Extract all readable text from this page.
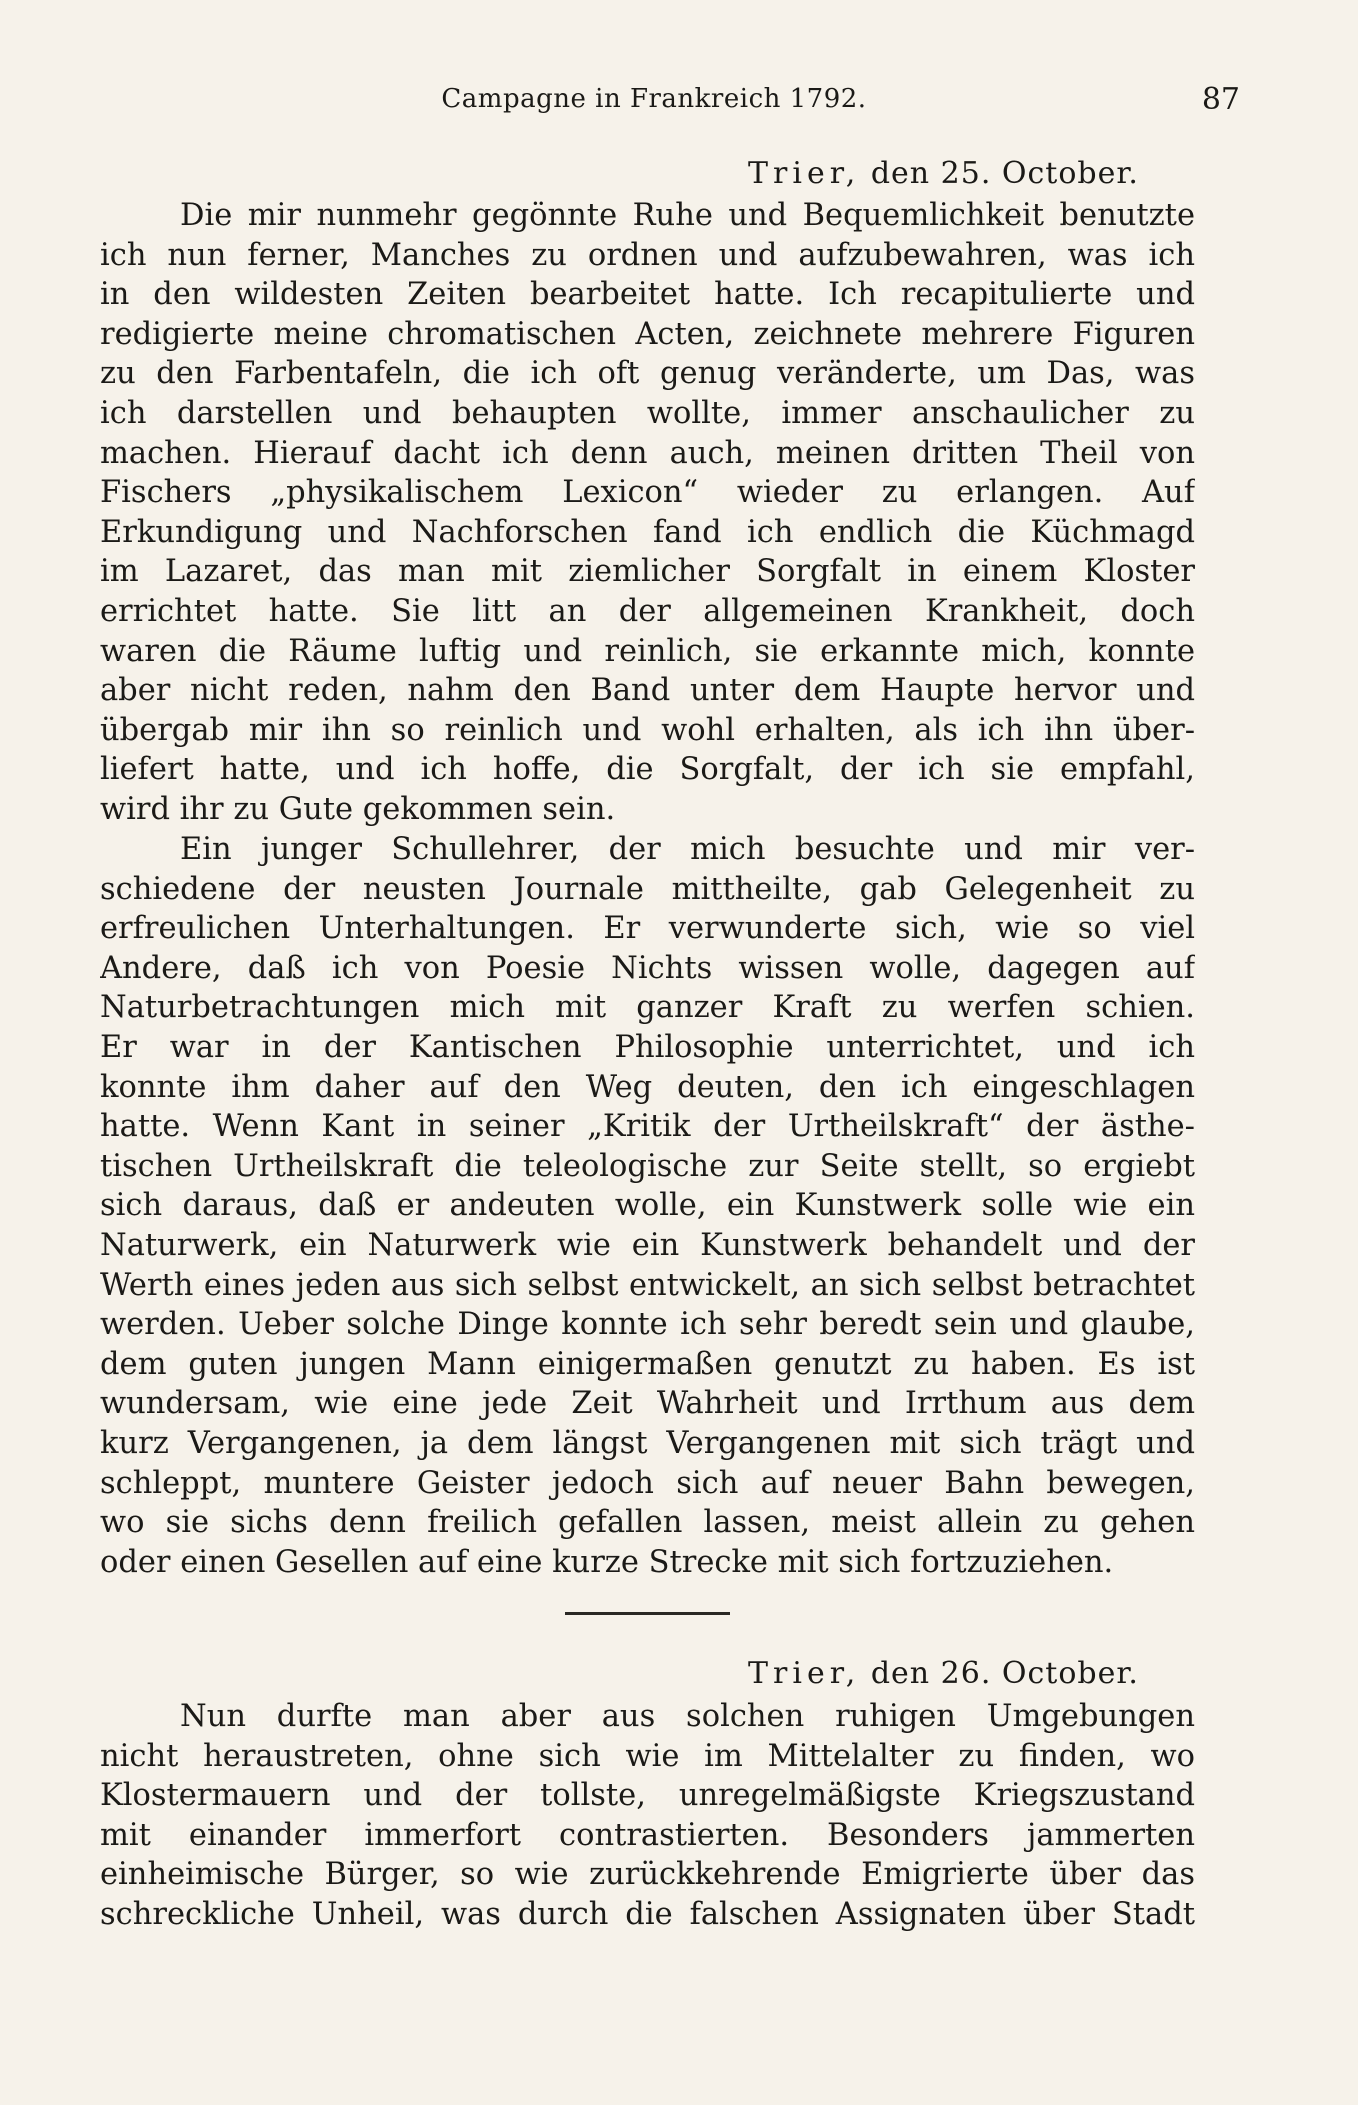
Campagne in Frankreich 1792.	87
Trier, den 25. October.
Die mir nunmehr gegönnte Ruhe und Bequemlichkeit benutzte
ich nun ferner, Manches zu ordnen und aufzubewahren, was ich
in den wildesten Zeiten bearbeitet hatte. Ich recapitulierte und
redigierte meine chromatischen Acten, zeichnete mehrere Figuren
zu den Farbentafeln, die ich oft genug veränderte, um Das, was
ich darstellen und behaupten wollte, immer anschaulicher zu
machen. Hierauf dacht ich denn auch, meinen dritten Theil von
Fischers „physikalischem Lexicon“ wieder zu erlangen. Auf
Erkundigung und Nachforschen fand ich endlich die Küchmagd
im Lazaret, das man mit ziemlicher Sorgfalt in einem Kloster
errichtet hatte. Sie litt an der allgemeinen Krankheit, doch
waren die Räume luftig und reinlich, sie erkannte mich, konnte
aber nicht reden, nahm den Band unter dem Haupte hervor und
übergab mir ihn so reinlich und wohl erhalten, als ich ihn über-
liefert hatte, und ich hoffe, die Sorgfalt, der ich sie empfahl,
wird ihr zu Gute gekommen sein.
Ein junger Schullehrer, der mich besuchte und mir ver-
schiedene der neusten Journale mittheilte, gab Gelegenheit zu
erfreulichen Unterhaltungen. Er verwunderte sich, wie so viel
Andere, daß ich von Poesie Nichts wissen wolle, dagegen auf
Naturbetrachtungen mich mit ganzer Kraft zu werfen schien.
Er war in der Kantischen Philosophie unterrichtet, und ich
konnte ihm daher auf den Weg deuten, den ich eingeschlagen
hatte. Wenn Kant in seiner „Kritik der Urtheilskraft“ der ästhe-
tischen Urtheilskraft die teleologische zur Seite stellt, so ergiebt
sich daraus, daß er andeuten wolle, ein Kunstwerk solle wie ein
Naturwerk, ein Naturwerk wie ein Kunstwerk behandelt und der
Werth eines jeden aus sich selbst entwickelt, an sich selbst betrachtet
werden. Ueber solche Dinge konnte ich sehr beredt sein und glaube,
dem guten jungen Mann einigermaßen genutzt zu haben. Es ist
wundersam, wie eine jede Zeit Wahrheit und Irrthum aus dem
kurz Vergangenen, ja dem längst Vergangenen mit sich trägt und
schleppt, muntere Geister jedoch sich auf neuer Bahn bewegen,
wo sie sichs denn freilich gefallen lassen, meist allein zu gehen
oder einen Gesellen auf eine kurze Strecke mit sich fortzuziehen.
Trier, den 26. October.
Nun durfte man aber aus solchen ruhigen Umgebungen
nicht heraustreten, ohne sich wie im Mittelalter zu finden, wo
Klostermauern und der tollste, unregelmäßigste Kriegszustand
mit einander immerfort contrastierten. Besonders jammerten
einheimische Bürger, so wie zurückkehrende Emigrierte über das
schreckliche Unheil, was durch die falschen Assignaten über Stadt
